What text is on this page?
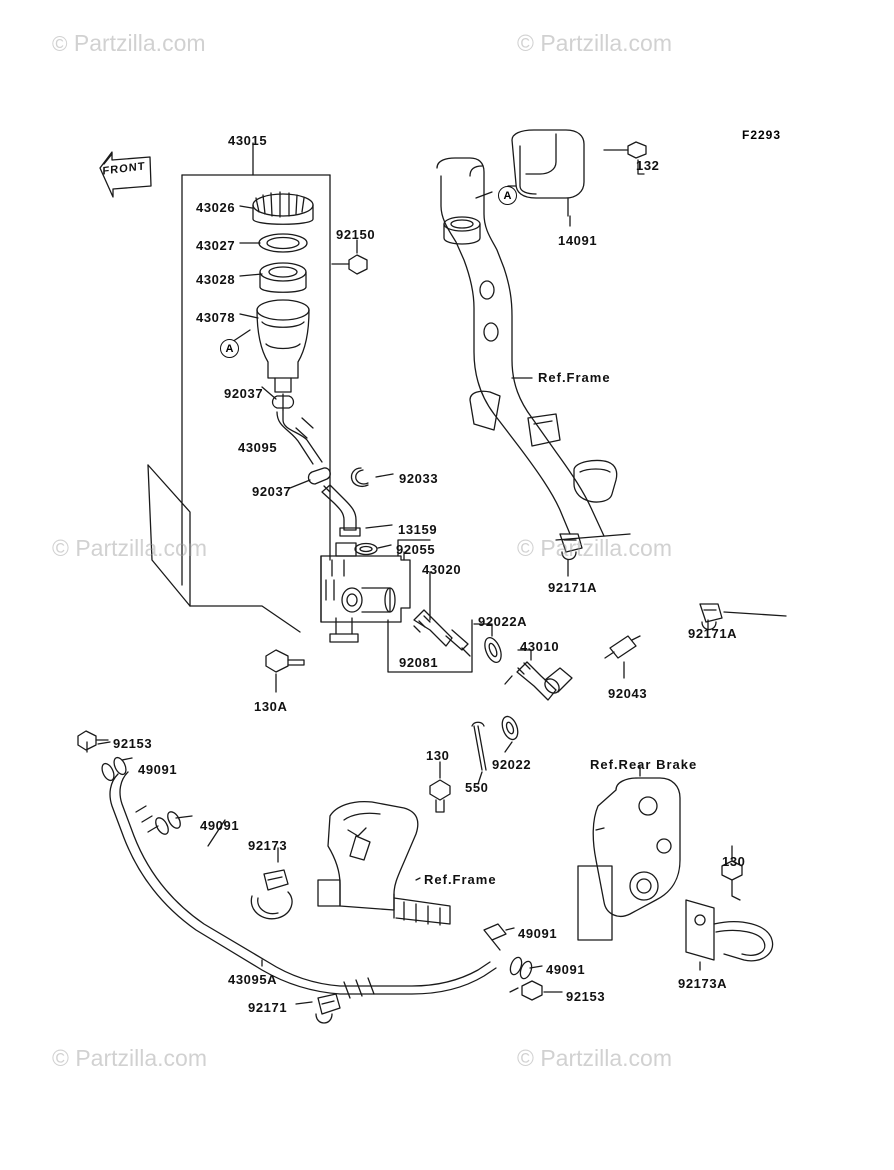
© Partzilla.com	© Partzilla.com
© Partzilla.com	© Partzilla.com
© Partzilla.com	© Partzilla.com
FRONT
F2293
43015
43026
43027
43028
43078
92150
92037
43095
92037
92033
13159
92055
43020
92022A
92081
43010
92043
130A
92022
130
550
132
14091
92171A
92171A
92153
49091
49091
92173
43095A
92171
49091
49091
92153
130
92173A
Ref.Frame
Ref.Frame
Ref.Rear Brake
A
A
